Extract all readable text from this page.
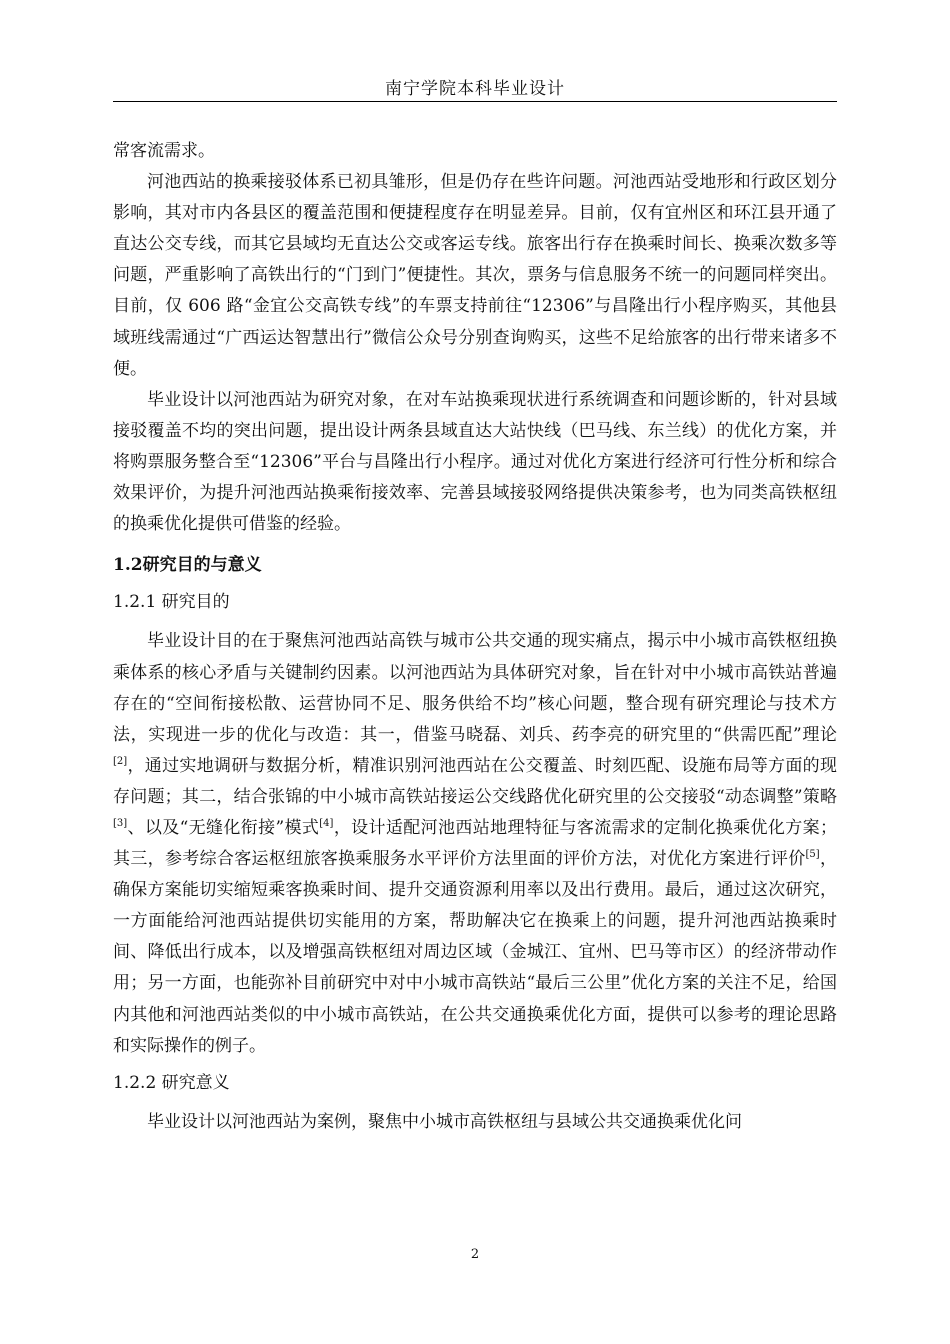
南宁学院本科毕业设计

常客流需求。

河池西站的换乘接驳体系已初具雏形，但是仍存在些许问题。河池西站受地形和行政区划分影响，其对市内各县区的覆盖范围和便捷程度存在明显差异。目前，仅有宜州区和环江县开通了直达公交专线，而其它县域均无直达公交或客运专线。旅客出行存在换乘时间长、换乘次数多等问题，严重影响了高铁出行的“门到门”便捷性。其次，票务与信息服务不统一的问题同样突出。目前，仅 606 路“金宜公交高铁专线”的车票支持前往“12306”与昌隆出行小程序购买，其他县域班线需通过“广西运达智慧出行”微信公众号分别查询购买，这些不足给旅客的出行带来诸多不便。

毕业设计以河池西站为研究对象，在对车站换乘现状进行系统调查和问题诊断的，针对县域接驳覆盖不均的突出问题，提出设计两条县域直达大站快线（巴马线、东兰线）的优化方案，并将购票服务整合至“12306”平台与昌隆出行小程序。通过对优化方案进行经济可行性分析和综合效果评价，为提升河池西站换乘衔接效率、完善县域接驳网络提供决策参考，也为同类高铁枢纽的换乘优化提供可借鉴的经验。

1.2研究目的与意义
1.2.1 研究目的

毕业设计目的在于聚焦河池西站高铁与城市公共交通的现实痛点，揭示中小城市高铁枢纽换乘体系的核心矛盾与关键制约因素。以河池西站为具体研究对象，旨在针对中小城市高铁站普遍存在的“空间衔接松散、运营协同不足、服务供给不均”核心问题，整合现有研究理论与技术方法，实现进一步的优化与改造：其一，借鉴马晓磊、刘兵、药李亮的研究里的“供需匹配”理论[2]，通过实地调研与数据分析，精准识别河池西站在公交覆盖、时刻匹配、设施布局等方面的现存问题；其二，结合张锦的中小城市高铁站接运公交线路优化研究里的公交接驳“动态调整”策略[3]、以及“无缝化衔接”模式[4]，设计适配河池西站地理特征与客流需求的定制化换乘优化方案；其三，参考综合客运枢纽旅客换乘服务水平评价方法里面的评价方法，对优化方案进行评价[5]，确保方案能切实缩短乘客换乘时间、提升交通资源利用率以及出行费用。最后，通过这次研究，一方面能给河池西站提供切实能用的方案，帮助解决它在换乘上的问题，提升河池西站换乘时间、降低出行成本，以及增强高铁枢纽对周边区域（金城江、宜州、巴马等市区）的经济带动作用；另一方面，也能弥补目前研究中对中小城市高铁站“最后三公里”优化方案的关注不足，给国内其他和河池西站类似的中小城市高铁站，在公共交通换乘优化方面，提供可以参考的理论思路和实际操作的例子。

1.2.2 研究意义

毕业设计以河池西站为案例，聚焦中小城市高铁枢纽与县域公共交通换乘优化问

2
